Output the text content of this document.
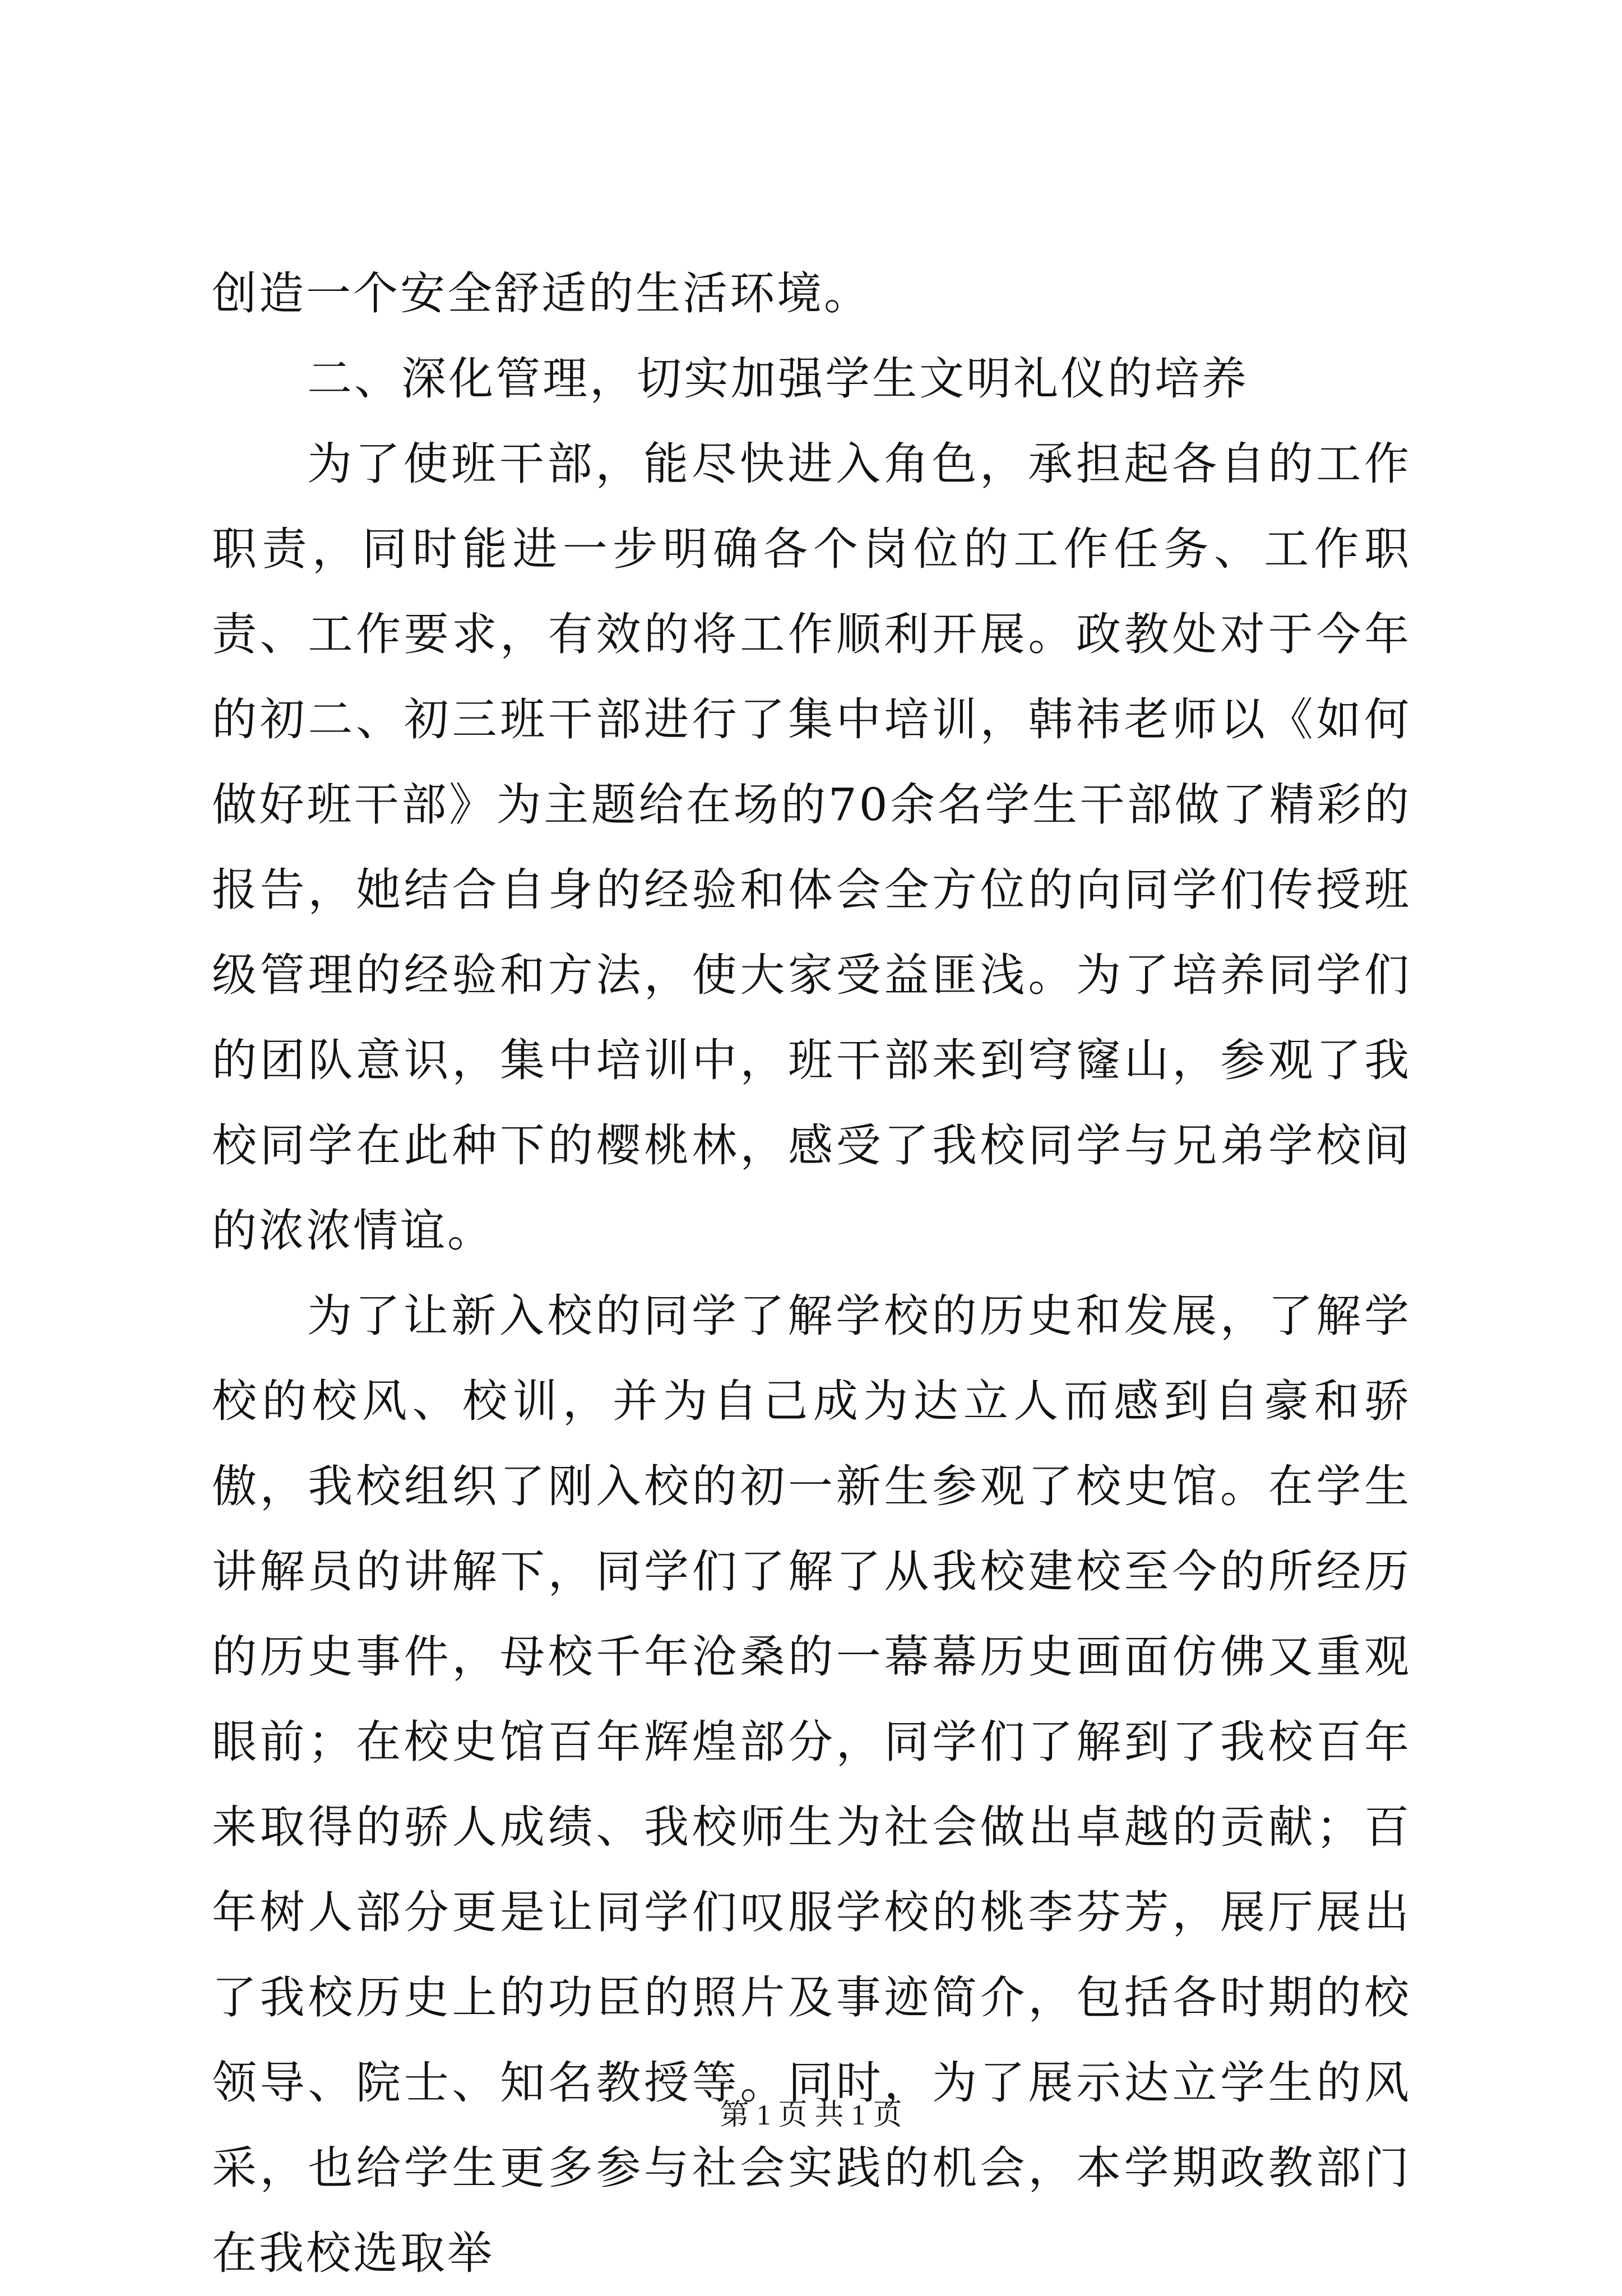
创造一个安全舒适的生活环境。

二、深化管理，切实加强学生文明礼仪的培养

为了使班干部，能尽快进入角色，承担起各自的工作职责，同时能进一步明确各个岗位的工作任务、工作职责、工作要求，有效的将工作顺利开展。政教处对于今年的初二、初三班干部进行了集中培训，韩祎老师以《如何做好班干部》为主题给在场的70余名学生干部做了精彩的报告，她结合自身的经验和体会全方位的向同学们传授班级管理的经验和方法，使大家受益匪浅。为了培养同学们的团队意识，集中培训中，班干部来到穹窿山，参观了我校同学在此种下的樱桃林，感受了我校同学与兄弟学校间的浓浓情谊。

为了让新入校的同学了解学校的历史和发展，了解学校的校风、校训，并为自己成为达立人而感到自豪和骄傲，我校组织了刚入校的初一新生参观了校史馆。在学生讲解员的讲解下，同学们了解了从我校建校至今的所经历的历史事件，母校千年沧桑的一幕幕历史画面仿佛又重观眼前；在校史馆百年辉煌部分，同学们了解到了我校百年来取得的骄人成绩、我校师生为社会做出卓越的贡献；百年树人部分更是让同学们叹服学校的桃李芬芳，展厅展出了我校历史上的功臣的照片及事迹简介，包括各时期的校领导、院士、知名教授等。同时，为了展示达立学生的风采，也给学生更多参与社会实践的机会，本学期政教部门在我校选取举

第 1 页 共 1 页
